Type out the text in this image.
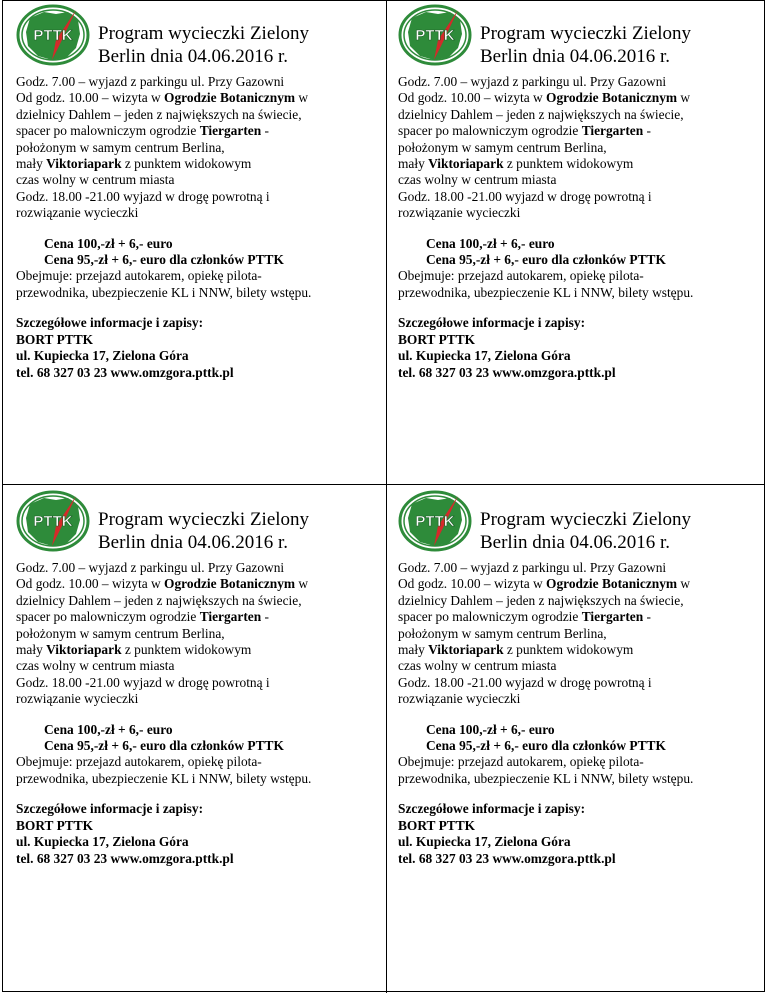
PTTK Program wycieczki Zielony
Berlin dnia 04.06.2016 r.

Godz. 7.00 – wyjazd z parkingu ul. Przy Gazowni

Od godz. 10.00 – wizyta w Ogrodzie Botanicznym w

dzielnicy Dahlem – jeden z największych na świecie,

spacer po malowniczym ogrodzie Tiergarten -

położonym w samym centrum Berlina,

mały Viktoriapark z punktem widokowym

czas wolny w centrum miasta

Godz. 18.00 -21.00 wyjazd w drogę powrotną i

rozwiązanie wycieczki

Cena 100,-zł + 6,- euro

Cena 95,-zł + 6,- euro dla członków PTTK

Obejmuje: przejazd autokarem, opiekę pilota-

przewodnika, ubezpieczenie KL i NNW, bilety wstępu.

Szczegółowe informacje i zapisy:

BORT PTTK

ul. Kupiecka 17, Zielona Góra

tel. 68 327 03 23 www.omzgora.pttk.pl

PTTK Program wycieczki Zielony
Berlin dnia 04.06.2016 r.

Godz. 7.00 – wyjazd z parkingu ul. Przy Gazowni

Od godz. 10.00 – wizyta w Ogrodzie Botanicznym w

dzielnicy Dahlem – jeden z największych na świecie,

spacer po malowniczym ogrodzie Tiergarten -

położonym w samym centrum Berlina,

mały Viktoriapark z punktem widokowym

czas wolny w centrum miasta

Godz. 18.00 -21.00 wyjazd w drogę powrotną i

rozwiązanie wycieczki

Cena 100,-zł + 6,- euro

Cena 95,-zł + 6,- euro dla członków PTTK

Obejmuje: przejazd autokarem, opiekę pilota-

przewodnika, ubezpieczenie KL i NNW, bilety wstępu.

Szczegółowe informacje i zapisy:

BORT PTTK

ul. Kupiecka 17, Zielona Góra

tel. 68 327 03 23 www.omzgora.pttk.pl

PTTK Program wycieczki Zielony
Berlin dnia 04.06.2016 r.

Godz. 7.00 – wyjazd z parkingu ul. Przy Gazowni

Od godz. 10.00 – wizyta w Ogrodzie Botanicznym w

dzielnicy Dahlem – jeden z największych na świecie,

spacer po malowniczym ogrodzie Tiergarten -

położonym w samym centrum Berlina,

mały Viktoriapark z punktem widokowym

czas wolny w centrum miasta

Godz. 18.00 -21.00 wyjazd w drogę powrotną i

rozwiązanie wycieczki

Cena 100,-zł + 6,- euro

Cena 95,-zł + 6,- euro dla członków PTTK

Obejmuje: przejazd autokarem, opiekę pilota-

przewodnika, ubezpieczenie KL i NNW, bilety wstępu.

Szczegółowe informacje i zapisy:

BORT PTTK

ul. Kupiecka 17, Zielona Góra

tel. 68 327 03 23 www.omzgora.pttk.pl

PTTK Program wycieczki Zielony
Berlin dnia 04.06.2016 r.

Godz. 7.00 – wyjazd z parkingu ul. Przy Gazowni

Od godz. 10.00 – wizyta w Ogrodzie Botanicznym w

dzielnicy Dahlem – jeden z największych na świecie,

spacer po malowniczym ogrodzie Tiergarten -

położonym w samym centrum Berlina,

mały Viktoriapark z punktem widokowym

czas wolny w centrum miasta

Godz. 18.00 -21.00 wyjazd w drogę powrotną i

rozwiązanie wycieczki

Cena 100,-zł + 6,- euro

Cena 95,-zł + 6,- euro dla członków PTTK

Obejmuje: przejazd autokarem, opiekę pilota-

przewodnika, ubezpieczenie KL i NNW, bilety wstępu.

Szczegółowe informacje i zapisy:

BORT PTTK

ul. Kupiecka 17, Zielona Góra

tel. 68 327 03 23 www.omzgora.pttk.pl
